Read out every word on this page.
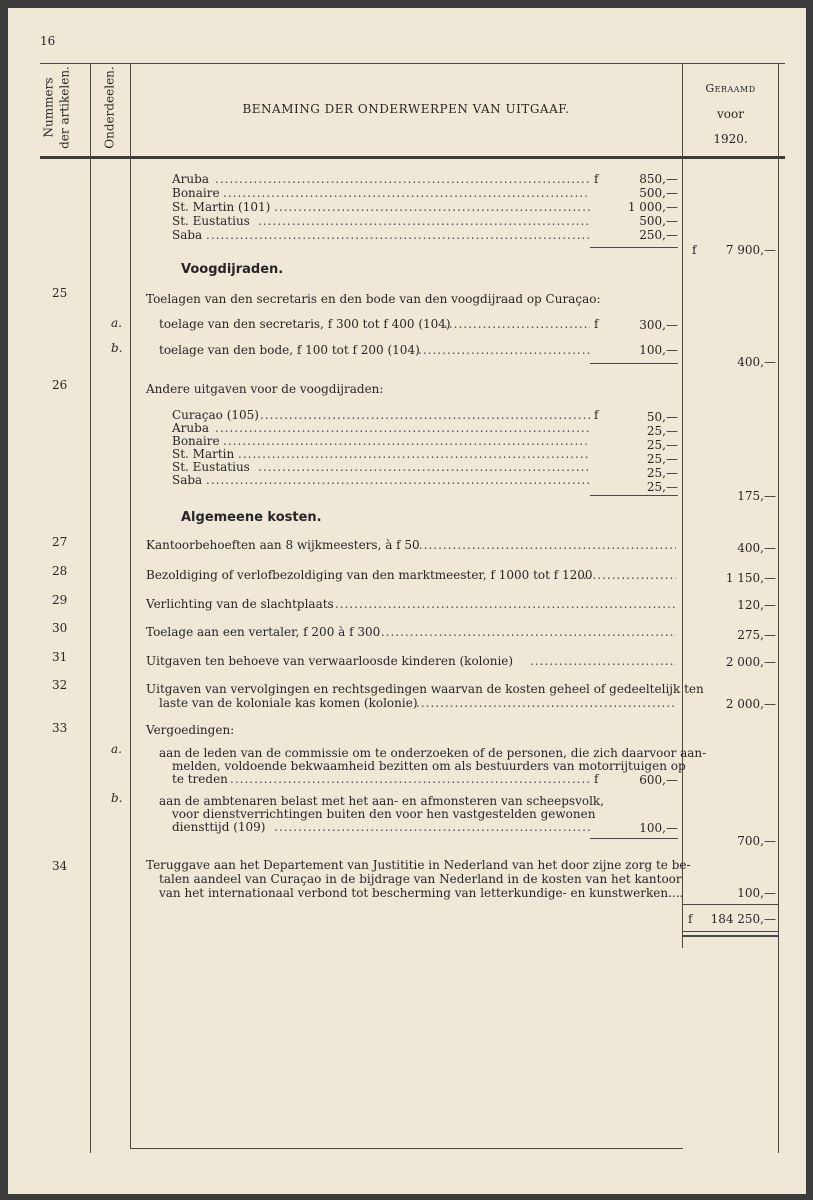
16
Nummers der artikelen.	Onderdeelen.	BENAMING DER ONDERWERPEN VAN UITGAAF.
Geraamd
voor
1920.
Aruba .....	f	850,—
Bonaire .....	500,—
St. Martin (101) .....	1 000,—
St. Eustatius .....	500,—
Saba .....	250,—
f	7 900,—
Voogdijraden.
25	Toelagen van den secretaris en den bode van den voogdijraad op Curaçao:
a.	toelage van den secretaris, f 300 tot f 400 (104) .....	f	300,—
b.	toelage van den bode, f 100 tot f 200 (104) .....	100,—
400,—
26	Andere uitgaven voor de voogdijraden:
Curaçao (105) .....	f	50,—
Aruba .....	25,—
Bonaire .....	25,—
St. Martin .....	25,—
St. Eustatius .....	25,—
Saba .....	25,—
175,—
Algemeene kosten.
27	Kantoorbehoeften aan 8 wijkmeesters, à f 50 .....	400,—
28	Bezoldiging of verlofbezoldiging van den marktmeester, f 1000 tot f 1200 .....	1 150,—
29	Verlichting van de slachtplaats .....	120,—
30	Toelage aan een vertaler, f 200 à f 300 .....	275,—
31	Uitgaven ten behoeve van verwaarloosde kinderen (kolonie) .....	2 000,—
32	Uitgaven van vervolgingen en rechtsgedingen waarvan de kosten geheel of gedeeltelijk ten
laste van de koloniale kas komen (kolonie) .....	2 000,—
33	Vergoedingen:
a.	aan de leden van de commissie om te onderzoeken of de personen, die zich daarvoor aan-
melden, voldoende bekwaamheid bezitten om als bestuurders van motorrijtuigen op
te treden .....	f	600,—
b.	aan de ambtenaren belast met het aan- en afmonsteren van scheepsvolk,
voor dienstverrichtingen buiten den voor hen vastgestelden gewonen
diensttijd (109) .....	100,—
700,—
34	Teruggave aan het Departement van Justititie in Nederland van het door zijne zorg te be-
talen aandeel van Curaçao in de bijdrage van Nederland in de kosten van het kantoor
van het internationaal verbond tot bescherming van letterkundige- en kunstwerken....	100,—
f	184 250,—
